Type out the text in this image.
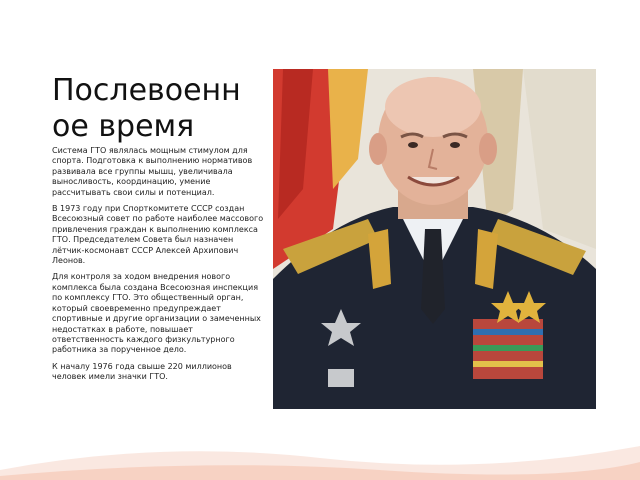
Послевоенное время

Система ГТО являлась мощным стимулом для спорта. Подготовка к выполнению нормативов развивала все группы мышц, увеличивала выносливость, координацию, умение рассчитывать свои силы и потенциал.

В 1973 году при Спорткомитете СССР создан Всесоюзный совет по работе наиболее массового привлечения граждан к выполнению комплекса ГТО. Председателем Совета был назначен лётчик-космонавт СССР Алексей Архипович Леонов.

Для контроля за ходом внедрения нового комплекса была создана Всесоюзная инспекция по комплексу ГТО. Это общественный орган, который своевременно предупреждает спортивные и другие организации о замеченных недостатках в работе, повышает ответственность каждого физкультурного работника за порученное дело.

К началу 1976 года свыше 220 миллионов человек имели значки ГТО.
